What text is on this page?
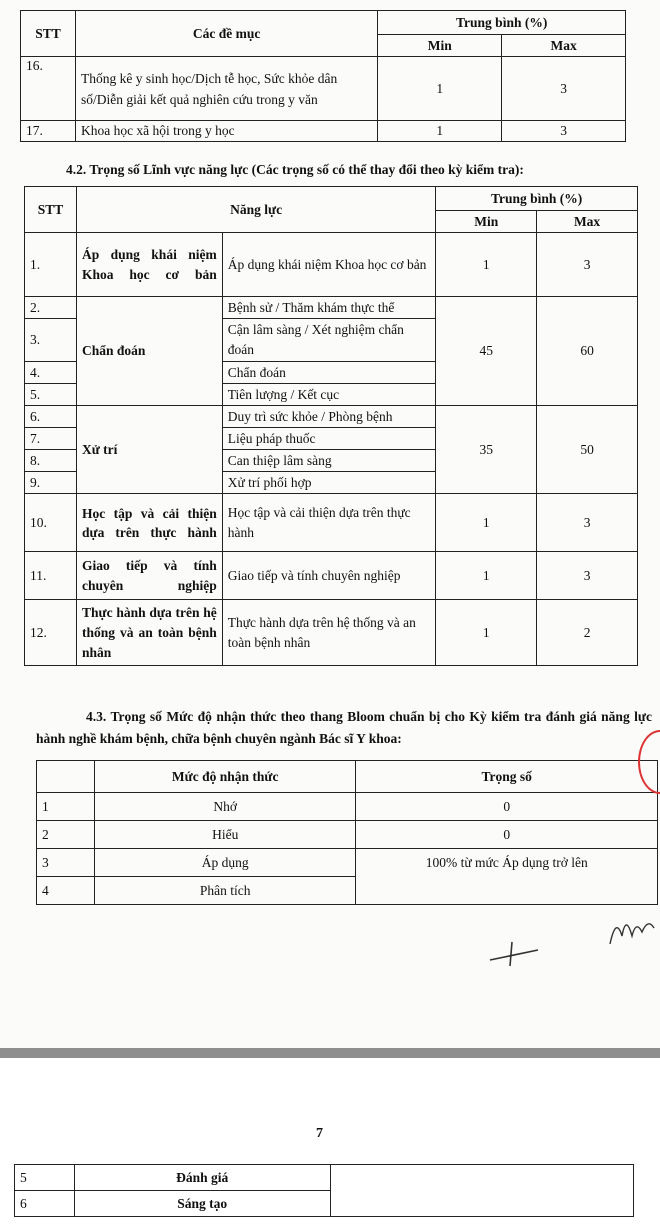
STT	Các đề mục	Trung bình (%)	
		Min	Max
16.	Thống kê y sinh học/Dịch tễ học, Sức khỏe dân số/Diễn giải kết quả nghiên cứu trong y văn	1	3
17.	Khoa học xã hội trong y học	1	3
4.2. Trọng số Lĩnh vực năng lực (Các trọng số có thể thay đổi theo kỳ kiểm tra):
STT	Năng lực		Trung bình (%)	
			Min	Max
1.	Áp dụng khái niệm Khoa học cơ bản	Áp dụng khái niệm Khoa học cơ bản	1	3
2.	Chẩn đoán	Bệnh sử / Thăm khám thực thể	45	60
3.		Cận lâm sàng / Xét nghiệm chẩn đoán		
4.		Chẩn đoán		
5.		Tiên lượng / Kết cục		
6.	Xử trí	Duy trì sức khỏe / Phòng bệnh	35	50
7.		Liệu pháp thuốc		
8.		Can thiệp lâm sàng		
9.		Xử trí phối hợp		
10.	Học tập và cải thiện dựa trên thực hành	Học tập và cải thiện dựa trên thực hành	1	3
11.	Giao tiếp và tính chuyên nghiệp	Giao tiếp và tính chuyên nghiệp	1	3
12.	Thực hành dựa trên hệ thống và an toàn bệnh nhân	Thực hành dựa trên hệ thống và an toàn bệnh nhân	1	2
4.3. Trọng số Mức độ nhận thức theo thang Bloom chuẩn bị cho Kỳ kiểm tra đánh giá năng lực hành nghề khám bệnh, chữa bệnh chuyên ngành Bác sĩ Y khoa:
	Mức độ nhận thức	Trọng số
1	Nhớ	0
2	Hiểu	0
3	Áp dụng	100% từ mức Áp dụng trở lên
4	Phân tích	
5	Đánh giá	
6	Sáng tạo	
7
